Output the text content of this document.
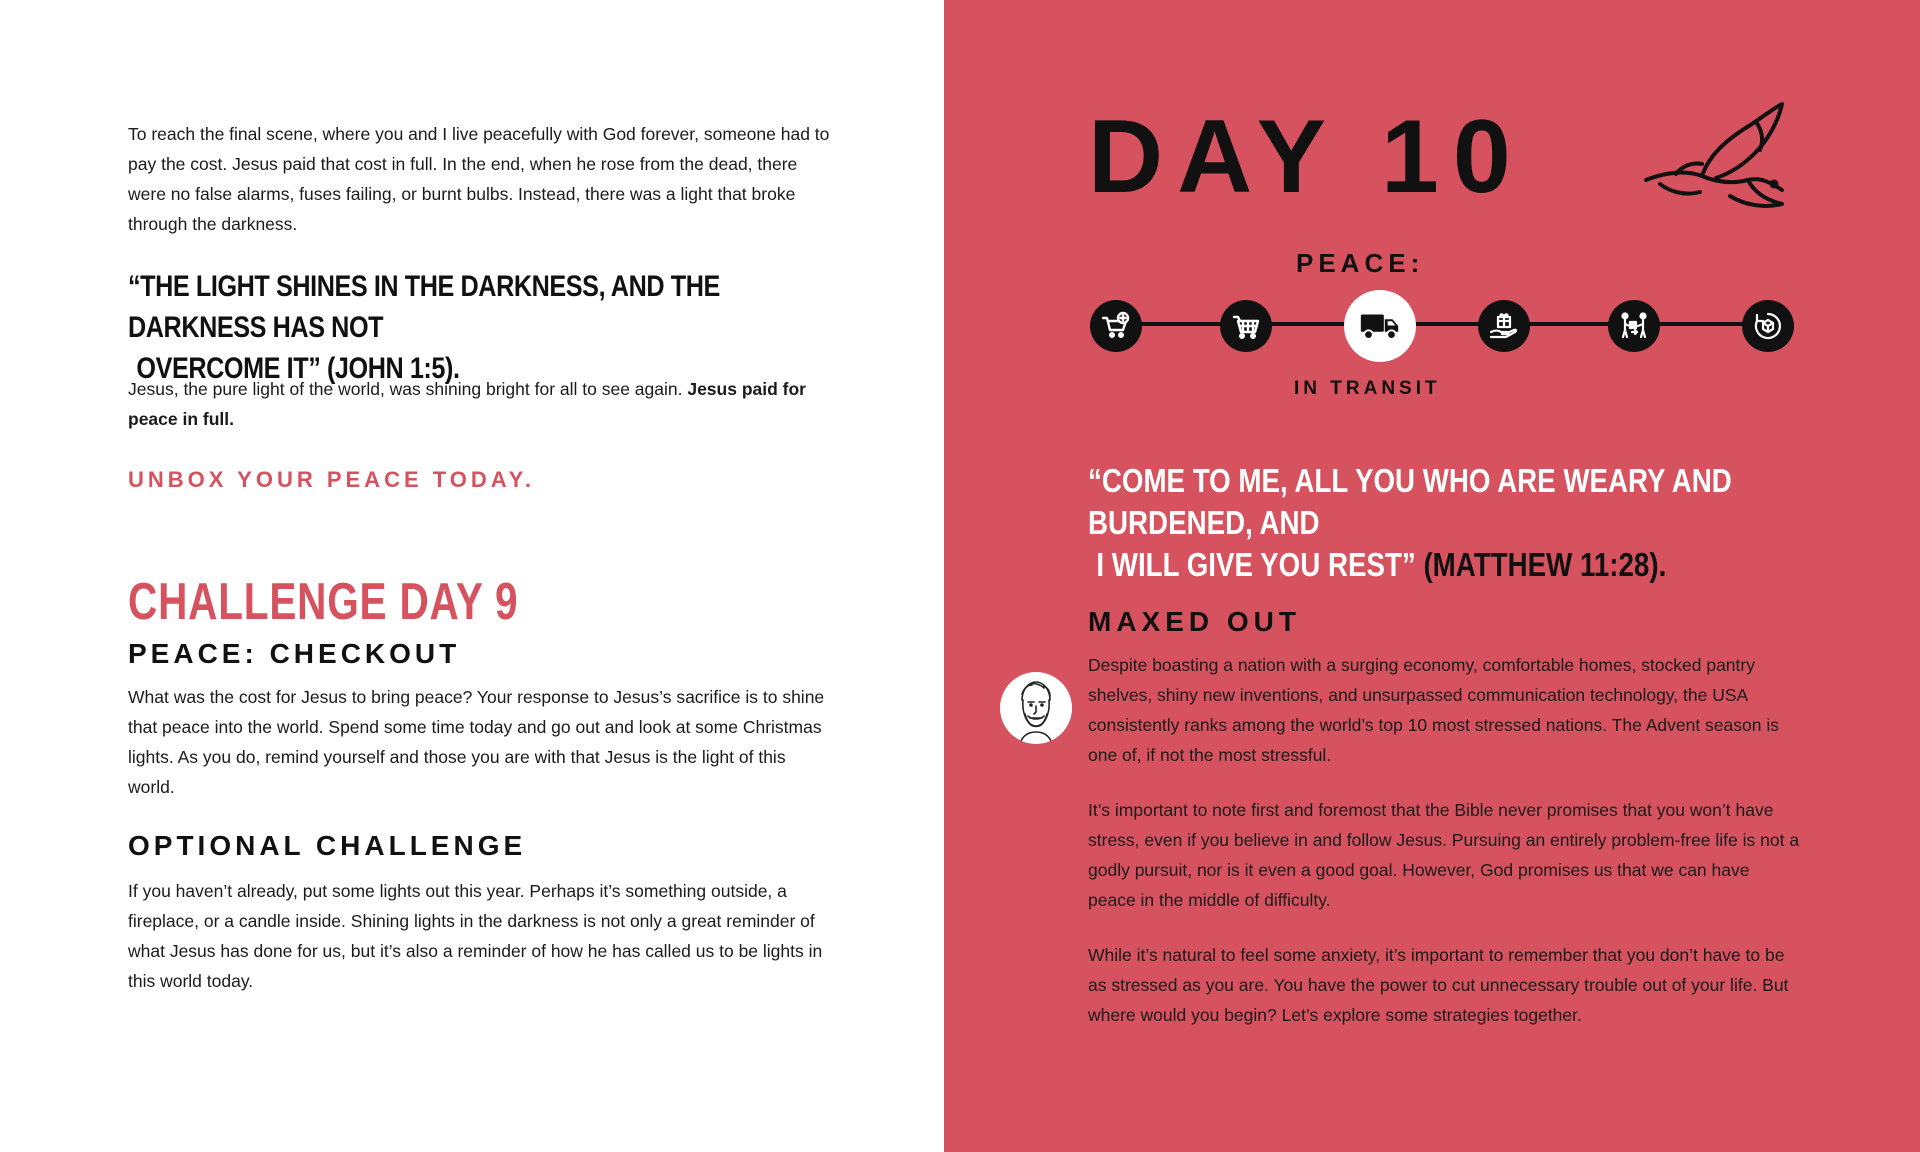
To reach the final scene, where you and I live peacefully with God forever, someone had to pay the cost. Jesus paid that cost in full. In the end, when he rose from the dead, there were no false alarms, fuses failing, or burnt bulbs. Instead, there was a light that broke through the darkness.

“THE LIGHT SHINES IN THE DARKNESS, AND THE DARKNESS HAS NOT
OVERCOME IT” (JOHN 1:5).

Jesus, the pure light of the world, was shining bright for all to see again. Jesus paid for peace in full.

UNBOX YOUR PEACE TODAY.
CHALLENGE DAY 9
PEACE: CHECKOUT

What was the cost for Jesus to bring peace? Your response to Jesus’s sacrifice is to shine that peace into the world. Spend some time today and go out and look at some Christmas lights. As you do, remind yourself and those you are with that Jesus is the light of this world.

OPTIONAL CHALLENGE

If you haven’t already, put some lights out this year. Perhaps it’s something outside, a fireplace, or a candle inside. Shining lights in the darkness is not only a great reminder of what Jesus has done for us, but it’s also a reminder of how he has called us to be lights in this world today.

DAY 10
PEACE:
IN TRANSIT
“COME TO ME, ALL YOU WHO ARE WEARY AND BURDENED, AND
I WILL GIVE YOU REST” (MATTHEW 11:28).
MAXED OUT

Despite boasting a nation with a surging economy, comfortable homes, stocked pantry shelves, shiny new inventions, and unsurpassed communication technology, the USA consistently ranks among the world’s top 10 most stressed nations. The Advent season is one of, if not the most stressful.

It’s important to note first and foremost that the Bible never promises that you won’t have stress, even if you believe in and follow Jesus. Pursuing an entirely problem-free life is not a godly pursuit, nor is it even a good goal. However, God promises us that we can have peace in the middle of difficulty.

While it’s natural to feel some anxiety, it’s important to remember that you don’t have to be as stressed as you are. You have the power to cut unnecessary trouble out of your life. But where would you begin? Let’s explore some strategies together.
